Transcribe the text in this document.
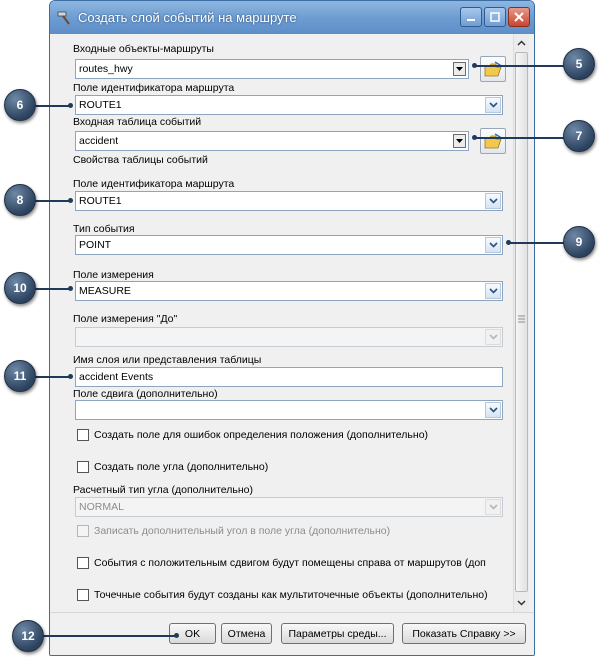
Создать слой событий на маршруте
Входные объекты-маршруты
routes_hwy
Поле идентификатора маршрута
ROUTE1
Входная таблица событий
accident
Свойства таблицы событий
Поле идентификатора маршрута
ROUTE1
Тип события
POINT
Поле измерения
MEASURE
Поле измерения "До"
Имя слоя или представления таблицы
accident Events
Поле сдвига (дополнительно)
Создать поле для ошибок определения положения (дополнительно)
Создать поле угла (дополнительно)
Расчетный тип угла (дополнительно)
NORMAL
Записать дополнительный угол в поле угла (дополнительно)
События с положительным сдвигом будут помещены справа от маршрутов (доп
Точечные события будут созданы как мультиточечные объекты (дополнительно)
OK	Отмена	Параметры среды...	Показать Справку >>
5
6
7
8
9
10
11
12
